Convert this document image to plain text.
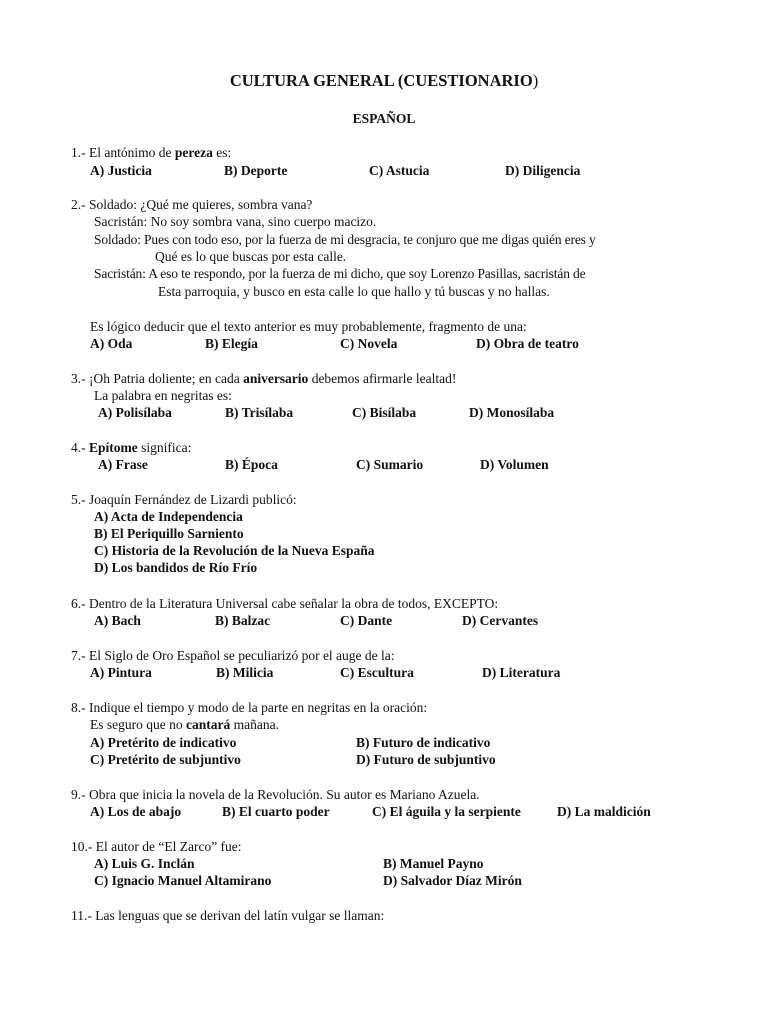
CULTURA GENERAL (CUESTIONARIO)
ESPAÑOL
1.- El antónimo de pereza es:
A) Justicia	B) Deporte	C) Astucia	D) Diligencia
2.- Soldado: ¿Qué me quieres, sombra vana?
Sacristán: No soy sombra vana, sino cuerpo macizo.
Soldado: Pues con todo eso, por la fuerza de mi desgracia, te conjuro que me digas quién eres y
Qué es lo que buscas por esta calle.
Sacristán: A eso te respondo, por la fuerza de mi dicho, que soy Lorenzo Pasillas, sacristán de
Esta parroquia, y busco en esta calle lo que hallo y tú buscas y no hallas.
Es lógico deducir que el texto anterior es muy probablemente, fragmento de una:
A) Oda	B) Elegía	C) Novela	D) Obra de teatro
3.- ¡Oh Patria doliente; en cada aniversario debemos afirmarle lealtad!
La palabra en negritas es:
A) Polisílaba	B) Trisílaba	C) Bisílaba	D) Monosílaba
4.- Epítome significa:
A) Frase	B) Época	C) Sumario	D) Volumen
5.- Joaquín Fernández de Lizardi publicó:
A) Acta de Independencia
B) El Periquillo Sarniento
C) Historia de la Revolución de la Nueva España
D) Los bandidos de Río Frío
6.- Dentro de la Literatura Universal cabe señalar la obra de todos, EXCEPTO:
A) Bach	B) Balzac	C) Dante	D) Cervantes
7.- El Siglo de Oro Español se peculiarizó por el auge de la:
A) Pintura	B) Milicia	C) Escultura	D) Literatura
8.- Indique el tiempo y modo de la parte en negritas en la oración:
Es seguro que no cantará mañana.
A) Pretérito de indicativo	B) Futuro de indicativo
C) Pretérito de subjuntivo	D) Futuro de subjuntivo
9.- Obra que inicia la novela de la Revolución. Su autor es Mariano Azuela.
A) Los de abajo	B) El cuarto poder	C) El águila y la serpiente	D) La maldición
10.- El autor de “El Zarco” fue:
A) Luis G. Inclán	B) Manuel Payno
C) Ignacio Manuel Altamirano	D) Salvador Díaz Mirón
11.- Las lenguas que se derivan del latín vulgar se llaman:
